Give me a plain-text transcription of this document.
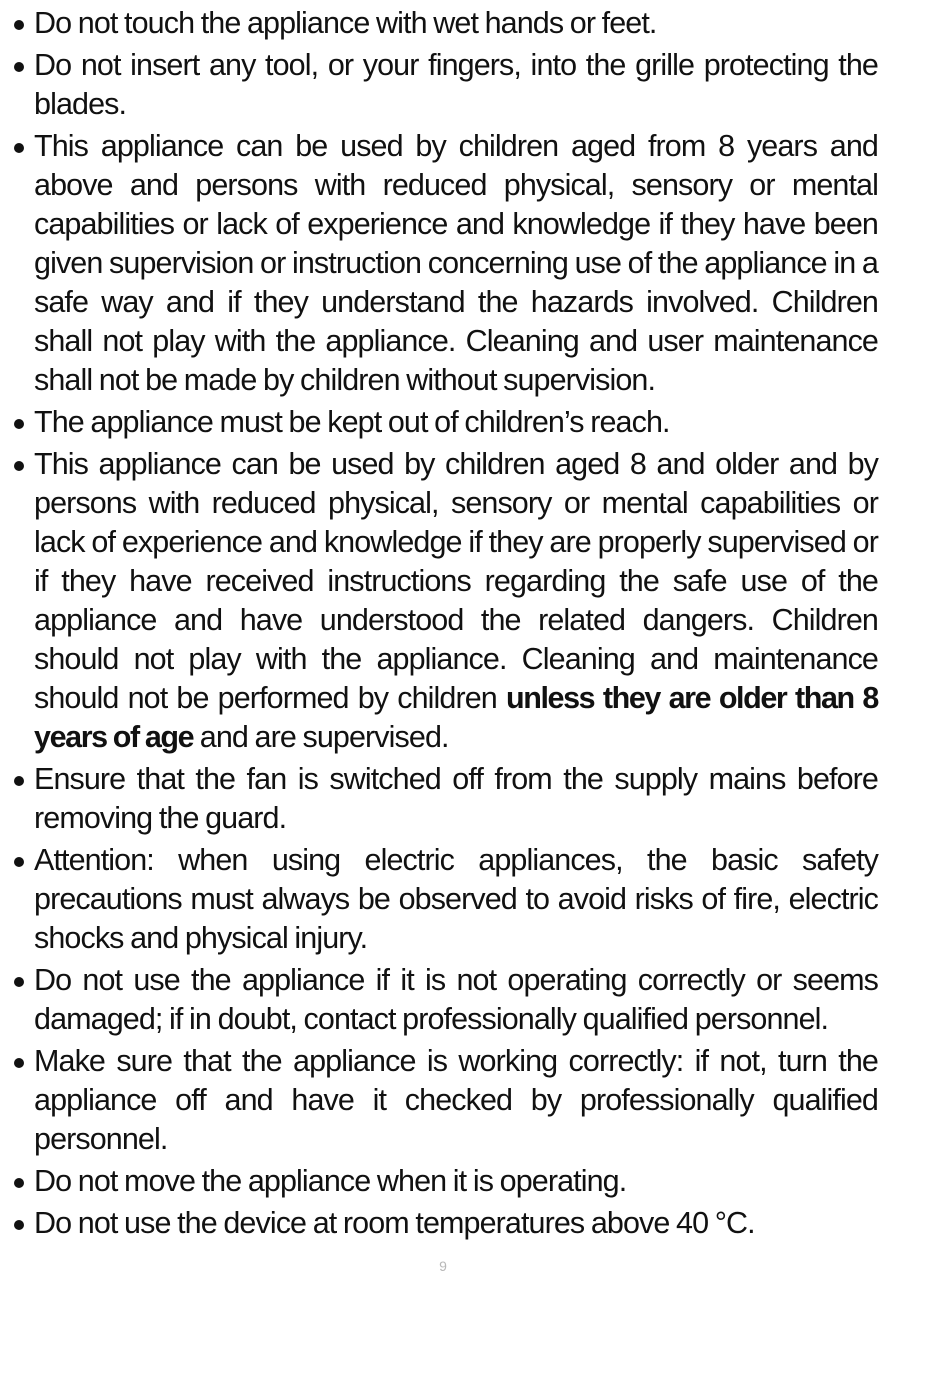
Do not touch the appliance with wet hands or feet.
Do not insert any tool, or your fingers, into the grille protecting the blades.
This appliance can be used by children aged from 8 years and above and persons with reduced physical, sensory or mental capabilities or lack of experience and knowledge if they have been given supervision or instruction concerning use of the appliance in a safe way and if they understand the hazards involved. Children shall not play with the appliance. Cleaning and user maintenance shall not be made by children without supervision.
The appliance must be kept out of children’s reach.
This appliance can be used by children aged 8 and older and by persons with reduced physical, sensory or mental capabilities or lack of experience and knowledge if they are properly supervised or if they have received instructions regarding the safe use of the appliance and have understood the related dangers. Children should not play with the appliance. Cleaning and maintenance should not be performed by children unless they are older than 8 years of age and are supervised.
Ensure that the fan is switched off from the supply mains before removing the guard.
Attention: when using electric appliances, the basic safety precautions must always be observed to avoid risks of fire, electric shocks and physical injury.
Do not use the appliance if it is not operating correctly or seems damaged; if in doubt, contact professionally qualified personnel.
Make sure that the appliance is working correctly: if not, turn the appliance off and have it checked by professionally qualified personnel.
Do not move the appliance when it is operating.
Do not use the device at room temperatures above 40 °C.
9
